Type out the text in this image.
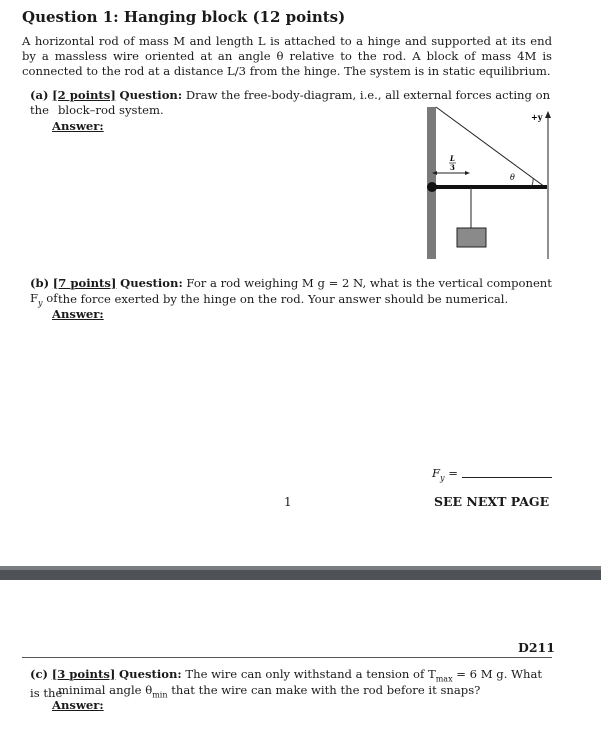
Question 1: Hanging block (12 points)
A horizontal rod of mass M and length L is attached to a hinge and supported at its end by a massless wire oriented at an angle θ relative to the rod. A block of mass 4M is connected to the rod at a distance L/3 from the hinge. The system is in static equilibrium.
(a) [2 points] Question: Draw the free-body-diagram, i.e., all external forces acting on the block–rod system.
Answer:
+y
θ
L
3
(b) [7 points] Question: For a rod weighing M g = 2 N, what is the vertical component $F_y$ of the force exerted by the hinge on the rod. Your answer should be numerical.
Answer:
$F_y$ =
1	SEE NEXT PAGE
D211
(c) [3 points] Question: The wire can only withstand a tension of $T_{max} = 6$ M g. What is the
minimal angle $\theta_{min}$ that the wire can make with the rod before it snaps?
Answer:
